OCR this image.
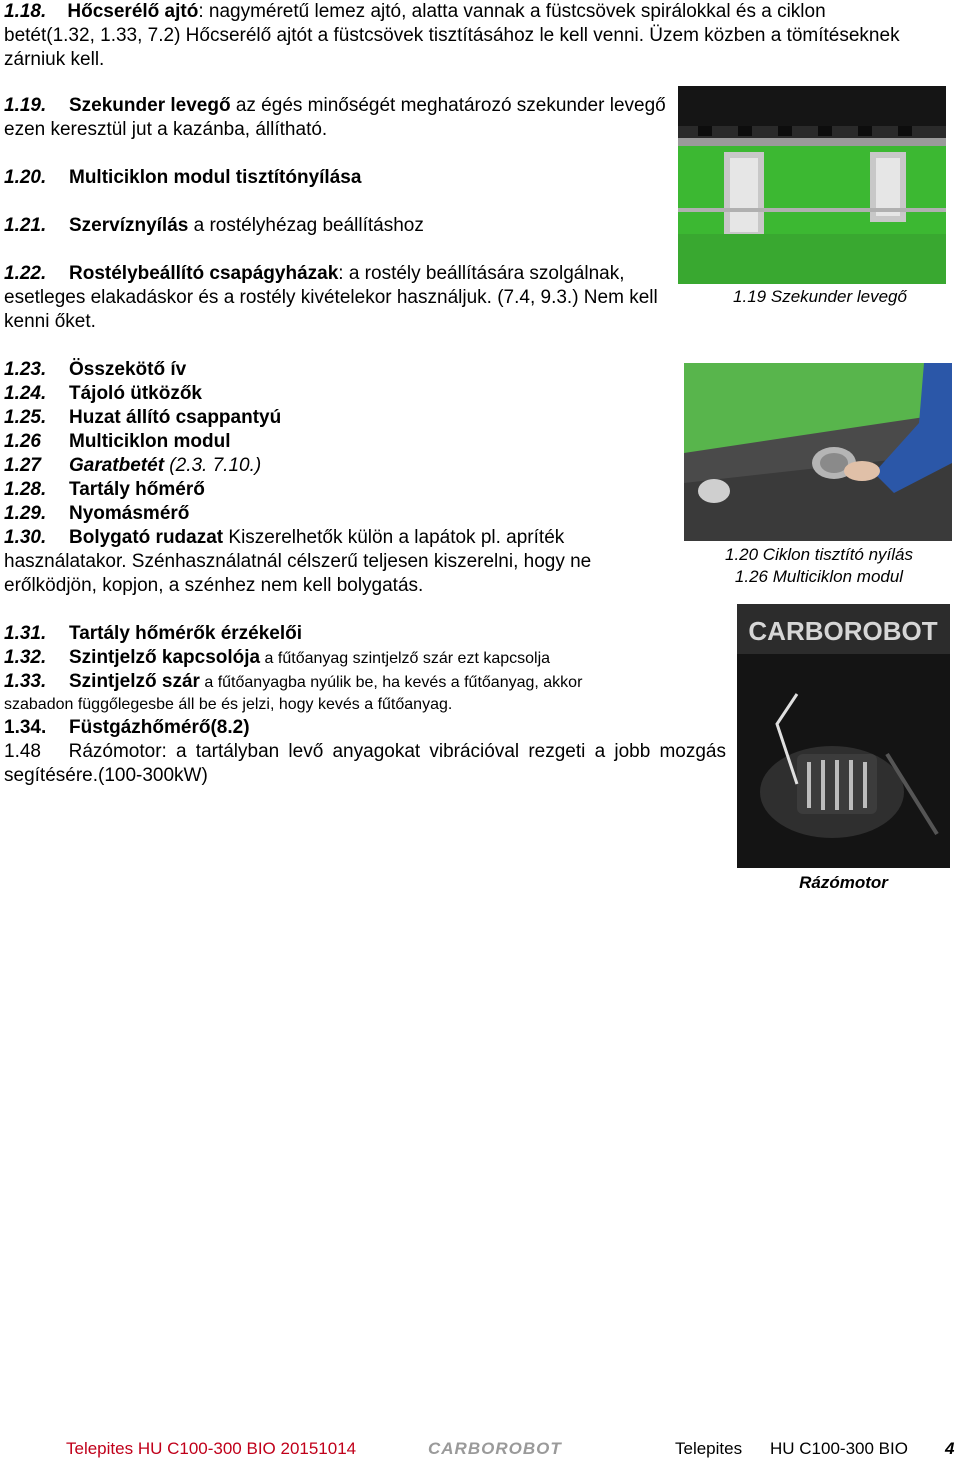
1.18. Hőcserélő ajtó: nagyméretű lemez ajtó, alatta vannak a füstcsövek spirálokkal és a ciklon betét(1.32, 1.33, 7.2) Hőcserélő ajtót a füstcsövek tisztításához le kell venni. Üzem közben a tömítéseknek zárniuk kell.
1.19. Szekunder levegő az égés minőségét meghatározó szekunder levegő ezen keresztül jut a kazánba, állítható.
1.20. Multiciklon modul tisztítónyílása
1.21. Szervíznyílás a rostélyhézag beállításhoz
1.22. Rostélybeállító csapágyházak: a rostély beállítására szolgálnak, esetleges elakadáskor és a rostély kivételekor használjuk. (7.4, 9.3.) Nem kell kenni őket.
1.23. Összekötő ív
1.24. Tájoló ütközők
1.25. Huzat állító csappantyú
1.26 Multiciklon modul
1.27 Garatbetét (2.3. 7.10.)
1.28. Tartály hőmérő
1.29. Nyomásmérő
1.30. Bolygató rudazat Kiszerelhetők külön a lapátok pl. apríték használatakor. Szénhasználatnál célszerű teljesen kiszerelni, hogy ne erőlködjön, kopjon, a szénhez nem kell bolygatás.
1.31. Tartály hőmérők érzékelői
1.32. Szintjelző kapcsolója a fűtőanyag szintjelző szár ezt kapcsolja
1.33. Szintjelző szár a fűtőanyagba nyúlik be, ha kevés a fűtőanyag, akkor
szabadon függőlegesbe áll be és jelzi, hogy kevés a fűtőanyag.
1.34. Füstgázhőmérő(8.2)
1.48 Rázómotor: a tartályban levő anyagokat vibrációval rezgeti a jobb mozgás segítésére.(100-300kW)
1.19 Szekunder levegő
1.20 Ciklon tisztító nyílás
1.26 Multiciklon modul
CARBOROBOT
Rázómotor
Telepites HU C100-300 BIO 20151014	CARBOROBOT	Telepites HU C100-300 BIO 4
